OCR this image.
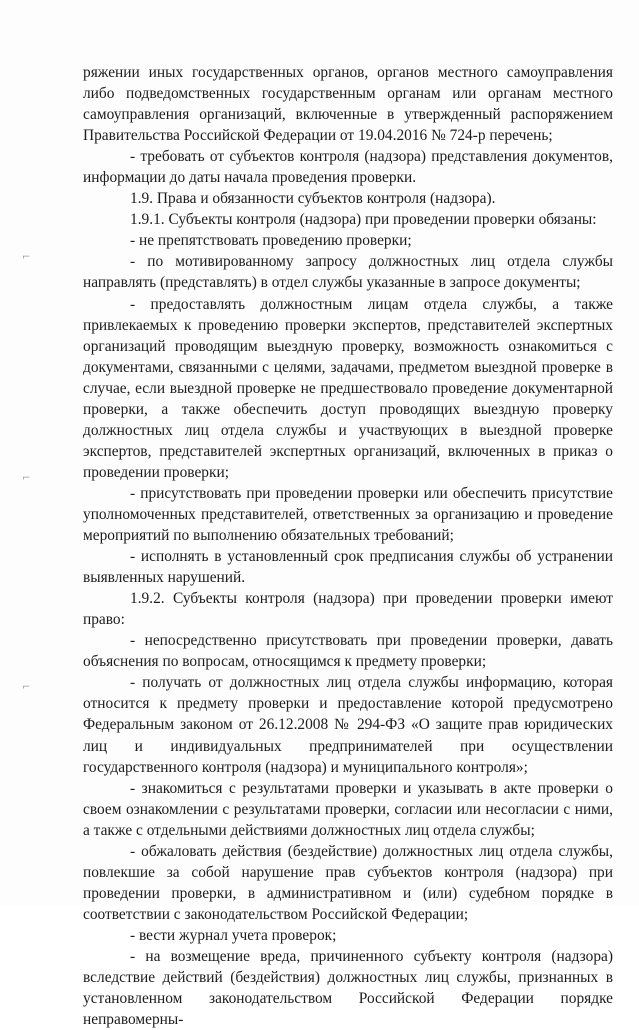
⌐
⌐
⌐

ряжении иных государственных органов, органов местного самоуправления либо подведомственных государственным органам или органам местного самоуправления организаций, включенные в утвержденный распоряжением Правительства Российской Федерации от 19.04.2016 № 724-р перечень;

- требовать от субъектов контроля (надзора) представления документов, информации до даты начала проведения проверки.

1.9. Права и обязанности субъектов контроля (надзора).

1.9.1. Субъекты контроля (надзора) при проведении проверки обязаны:

- не препятствовать проведению проверки;

- по мотивированному запросу должностных лиц отдела службы направлять (представлять) в отдел службы указанные в запросе документы;

- предоставлять должностным лицам отдела службы, а также привлекаемых к проведению проверки экспертов, представителей экспертных организаций проводящим выездную проверку, возможность ознакомиться с документами, связанными с целями, задачами, предметом выездной проверке в случае, если выездной проверке не предшествовало проведение документарной проверки, а также обеспечить доступ проводящих выездную проверку должностных лиц отдела службы и участвующих в выездной проверке экспертов, представителей экспертных организаций, включенных в приказ о проведении проверки;

- присутствовать при проведении проверки или обеспечить присутствие уполномоченных представителей, ответственных за организацию и проведение мероприятий по выполнению обязательных требований;

- исполнять в установленный срок предписания службы об устранении выявленных нарушений.

1.9.2. Субъекты контроля (надзора) при проведении проверки имеют право:

- непосредственно присутствовать при проведении проверки, давать объяснения по вопросам, относящимся к предмету проверки;

- получать от должностных лиц отдела службы информацию, которая относится к предмету проверки и предоставление которой предусмотрено Федеральным законом от 26.12.2008 № 294-ФЗ «О защите прав юридических лиц и индивидуальных предпринимателей при осуществлении государственного контроля (надзора) и муниципального контроля»;

- знакомиться с результатами проверки и указывать в акте проверки о своем ознакомлении с результатами проверки, согласии или несогласии с ними, а также с отдельными действиями должностных лиц отдела службы;

- обжаловать действия (бездействие) должностных лиц отдела службы, повлекшие за собой нарушение прав субъектов контроля (надзора) при проведении проверки, в административном и (или) судебном порядке в соответствии с законодательством Российской Федерации;

- вести журнал учета проверок;

- на возмещение вреда, причиненного субъекту контроля (надзора) вследствие действий (бездействия) должностных лиц службы, признанных в установленном законодательством Российской Федерации порядке неправомерны-
